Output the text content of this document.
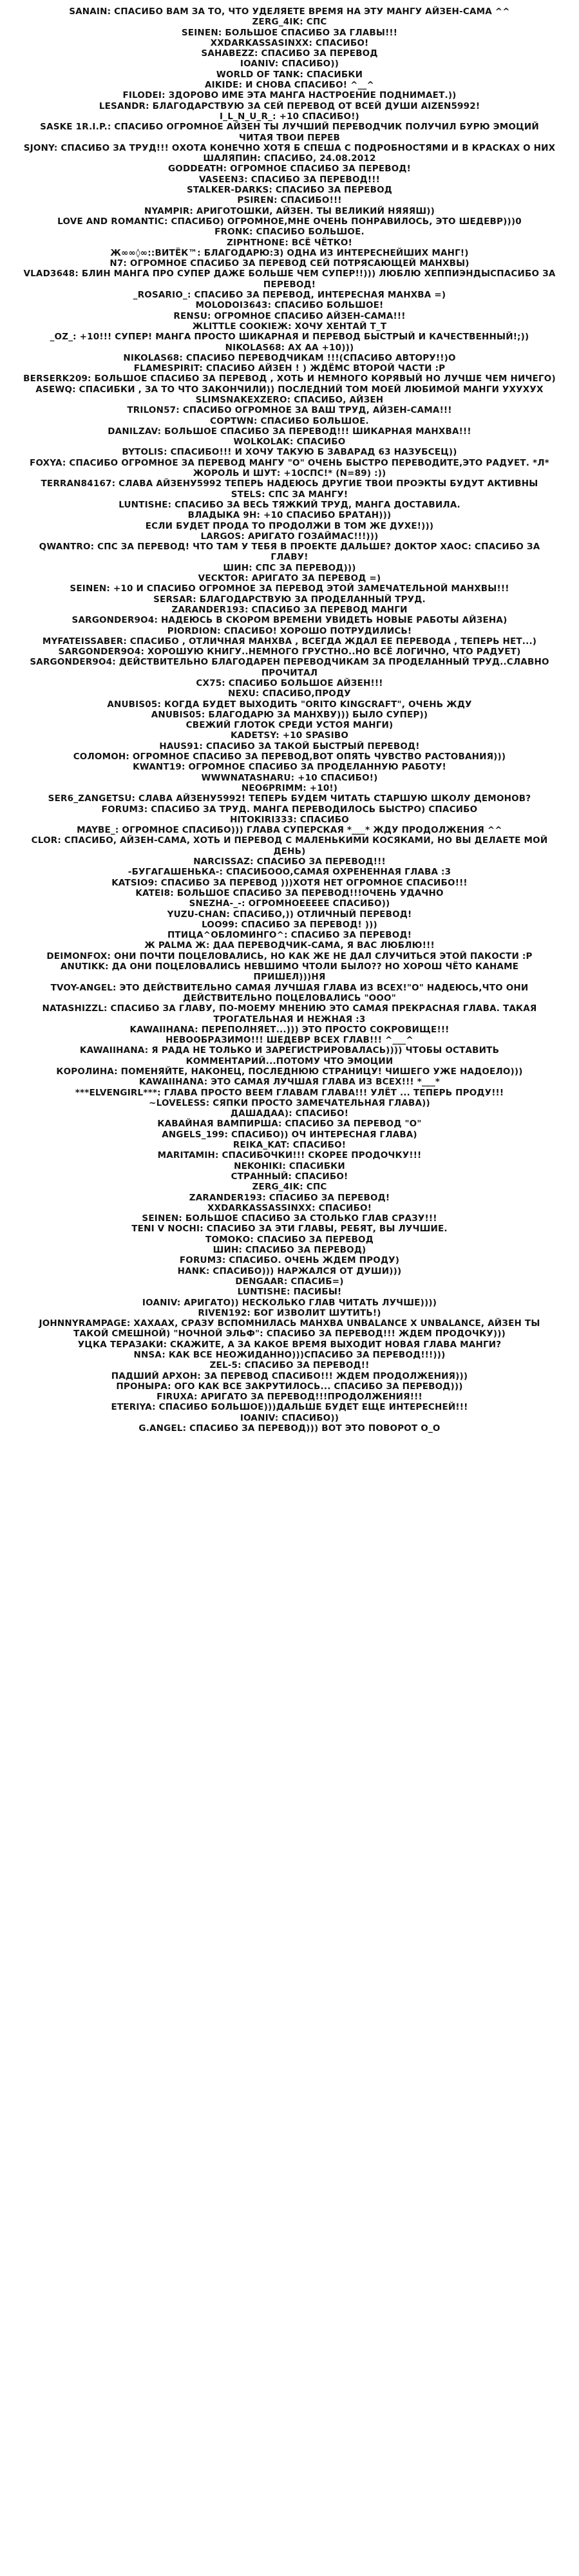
SANAIN: СПАСИБО ВАМ ЗА ТО, ЧТО УДЕЛЯЕТЕ ВРЕМЯ НА ЭТУ МАНГУ АЙЗЕН-САМА ^^
ZERG_4IK: СПС
SEINEN: БОЛЬШОЕ СПАСИБО ЗА ГЛАВЫ!!!
XXDARKASSASINXX: СПАСИБО!
SAHABEZZ: СПАСИБО ЗА ПЕРЕВОД
IOANIV: СПАСИБО))
WORLD OF TANK: СПАСИБКИ
AIKIDE: И СНОВА СПАСИБО! ^__^
FILODEI: ЗДОРОВО ИМЕ ЭТА МАНГА НАСТРОЕНИЕ ПОДНИМАЕТ.))
LESANDR: БЛАГОДАРСТВУЮ ЗА СЕЙ ПЕРЕВОД ОТ ВСЕЙ ДУШИ AIZEN5992!
I_L_N_U_R_: +10 СПАСИБО!)
SASKE 1R.I.P.: СПАСИБО ОГРОМНОЕ АЙЗЕН ТЫ ЛУЧШИЙ ПЕРЕВОДЧИК ПОЛУЧИЛ БУРЮ ЭМОЦИЙ ЧИТАЯ ТВОИ ПЕРЕВ
SJONY: СПАСИБО ЗА ТРУД!!! ОХОТА КОНЕЧНО ХОТЯ Б СПЕША С ПОДРОБНОСТЯМИ И В КРАСКАХ О НИХ
ШАЛЯПИН: СПАСИБО, 24.08.2012
GODDEATH: ОГРОМНОЕ СПАСИБО ЗА ПЕРЕВОД!
VASEEN3: СПАСИБО ЗА ПЕРЕВОД!!!
STALKER-DARKS: СПАСИБО ЗА ПЕРЕВОД
PSIREN: СПАСИБО!!!
NYAMPIR: АРИГОТОШКИ, АЙЗЕН. ТЫ ВЕЛИКИЙ НЯЯЯШ))
LOVE AND ROMANTIC: СПАСИБО) ОГРОМНОЕ,МНЕ ОЧЕНЬ ПОНРАВИЛОСЬ, ЭТО ШЕДЕВР)))0
FRONK: СПАСИБО БОЛЬШОЕ.
ZIPHTHONE: ВСЁ ЧЁТКО!
Ж∞∞◊∞::ВИТЁК™: БЛАГОДАРЮ:З) ОДНА ИЗ ИНТЕРЕСНЕЙШИХ МАНГ!)
N7: ОГРОМНОЕ СПАСИБО ЗА ПЕРЕВОД СЕЙ ПОТРЯСАЮЩЕЙ МАНХВЫ)
VLAD3648: БЛИН МАНГА ПРО СУПЕР ДАЖЕ БОЛЬШЕ ЧЕМ СУПЕР!!))) ЛЮБЛЮ ХЕППИЭНДЫСПАСИБО ЗА ПЕРЕВОД!
_ROSARIO_: СПАСИБО ЗА ПЕРЕВОД, ИНТЕРЕСНАЯ МАНХВА =)
MOLODOI3643: СПАСИБО БОЛЬШОЕ!
RENSU: ОГРОМНОЕ СПАСИБО АЙЗЕН-САМА!!!
ЖLITTLE COOKIEЖ: ХОЧУ ХЕНТАЙ Т_Т
_OZ_: +10!!! СУПЕР! МАНГА ПРОСТО ШИКАРНАЯ И ПЕРЕВОД БЫСТРЫЙ И КАЧЕСТВЕННЫЙ!;))
NIKOLAS68: АХ АА +10)))
NIKOLAS68: СПАСИБО ПЕРЕВОДЧИКАМ !!!(СПАСИБО АВТОРУ!!)О
FLAMESPIRIT: СПАСИБО АЙЗЕН ! ) ЖДЁМС ВТОРОЙ ЧАСТИ :Р
BERSERK209: БОЛЬШОЕ СПАСИБО ЗА ПЕРЕВОД , ХОТЬ И НЕМНОГО КОРЯВЫЙ НО ЛУЧШЕ ЧЕМ НИЧЕГО)
ASEWQ: СПАСИБКИ , ЗА ТО ЧТО ЗАКОНЧИЛИ)) ПОСЛЕДНИЙ ТОМ МОЕЙ ЛЮБИМОЙ МАНГИ УХУХУХ
SLIMSNAKEXZERO: СПАСИБО, АЙЗЕН
TRILON57: СПАСИБО ОГРОМНОЕ ЗА ВАШ ТРУД, АЙЗЕН-САМА!!!
COPTWN: СПАСИБО БОЛЬШОЕ.
DANILZAV: БОЛЬШОЕ СПАСИБО ЗА ПЕРЕВОД!!! ШИКАРНАЯ МАНХВА!!!
WOLKOLAK: СПАСИБО
BYTOLIS: СПАСИБО!!! И ХОЧУ ТАКУЮ Б ЗАВАРАД 63 НАЗУБСЕЦ))
FOXYA: СПАСИБО ОГРОМНОЕ ЗА ПЕРЕВОД МАНГУ "О" ОЧЕНЬ БЫСТРО ПЕРЕВОДИТЕ,ЭТО РАДУЕТ. *Л*
ЖОРОЛЬ И ШУТ: +10СПС!* (N=89) :))
TERRAN84167: СЛАВА АЙЗЕНУ5992 ТЕПЕРЬ НАДЕЮСЬ ДРУГИЕ ТВОИ ПРОЭКТЫ БУДУТ АКТИВНЫ
STELS: СПС ЗА МАНГУ!
LUNTISHE: СПАСИБО ЗА ВЕСЬ ТЯЖКИЙ ТРУД, МАНГА ДОСТАВИЛА.
ВЛАДЫКА 9Н: +10 СПАСИБО БРАТАН)))
ЕСЛИ БУДЕТ ПРОДА ТО ПРОДОЛЖИ В ТОМ ЖЕ ДУХЕ!)))
LARGOS: АРИГАТО ГОЗАЙМАС!!!)))
QWANTRO: СПС ЗА ПЕРЕВОД! ЧТО ТАМ У ТЕБЯ В ПРОЕКТЕ ДАЛЬШЕ? ДОКТОР ХАОС: СПАСИБО ЗА ГЛАВУ!
ШИН: СПС ЗА ПЕРЕВОД)))
VECKTOR: АРИГАТО ЗА ПЕРЕВОД =)
SEINEN: +10 И СПАСИБО ОГРОМНОЕ ЗА ПЕРЕВОД ЭТОЙ ЗАМЕЧАТЕЛЬНОЙ МАНХВЫ!!!
SERSAR: БЛАГОДАРСТВУЮ ЗА ПРОДЕЛАННЫЙ ТРУД.
ZARANDER193: СПАСИБО ЗА ПЕРЕВОД МАНГИ
SARGONDER9O4: НАДЕЮСЬ В СКОРОМ ВРЕМЕНИ УВИДЕТЬ НОВЫЕ РАБОТЫ АЙЗЕНА)
PIORDION: СПАСИБО! ХОРОШО ПОТРУДИЛИСЬ!
MYFATEISSABER: СПАСИБО , ОТЛИЧНАЯ МАНХВА , ВСЕГДА ЖДАЛ ЕЕ ПЕРЕВОДА , ТЕПЕРЬ НЕТ...)
SARGONDER9O4: ХОРОШУЮ КНИГУ..НЕМНОГО ГРУСТНО..НО ВСЁ ЛОГИЧНО, ЧТО РАДУЕТ)
SARGONDER9O4: ДЕЙСТВИТЕЛЬНО БЛАГОДАРЕН ПЕРЕВОДЧИКАМ ЗА ПРОДЕЛАННЫЙ ТРУД..СЛАВНО ПРОЧИТАЛ
CX75: СПАСИБО БОЛЬШОЕ АЙЗЕН!!!
NEXU: СПАСИБО,ПРОДУ
ANUBIS05: КОГДА БУДЕТ ВЫХОДИТЬ "ORITO KINGCRAFT", ОЧЕНЬ ЖДУ
ANUBIS05: БЛАГОДАРЮ ЗА МАНХВУ))) БЫЛО СУПЕР))
СВЕЖИЙ ГЛОТОК СРЕДИ УСТОЯ МАНГИ)
KADETSY: +10 SPASIBO
HAUS91: СПАСИБО ЗА ТАКОЙ БЫСТРЫЙ ПЕРЕВОД!
СОЛОМОН: ОГРОМНОЕ СПАСИБО ЗА ПЕРЕВОД,ВОТ ОПЯТЬ ЧУВСТВО РАСТОВАНИЯ)))
KWANT19: ОГРОМНОЕ СПАСИБО ЗА ПРОДЕЛАННУЮ РАБОТУ!
WWWNATASHARU: +10 СПАСИБО!)
NEO6PRIMM: +10!)
SER6_ZANGETSU: СЛАВА АЙЗЕНУ5992! ТЕПЕРЬ БУДЕМ ЧИТАТЬ СТАРШУЮ ШКОЛУ ДЕМОНОВ?
FORUM3: СПАСИБО ЗА ТРУД. МАНГА ПЕРЕВОДИЛОСЬ БЫСТРО) СПАСИБО
HITOKIRI333: СПАСИБО
MAYBE_: ОГРОМНОЕ СПАСИБО))) ГЛАВА СУПЕРСКАЯ *___* ЖДУ ПРОДОЛЖЕНИЯ ^^
CLOR: СПАСИБО, АЙЗЕН-САМА, ХОТЬ И ПЕРЕВОД С МАЛЕНЬКИМИ КОСЯКАМИ, НО ВЫ ДЕЛАЕТЕ МОЙ ДЕНЬ)
NARCISSAZ: СПАСИБО ЗА ПЕРЕВОД!!!
-БУГАГАШЕНЬКА-: СПАСИБООО,САМАЯ ОХРЕНЕННАЯ ГЛАВА :3
KATSIO9: СПАСИБО ЗА ПЕРЕВОД )))ХОТЯ НЕТ ОГРОМНОЕ СПАСИБО!!!
KATEI8: БОЛЬШОЕ СПАСИБО ЗА ПЕРЕВОД!!!ОЧЕНЬ УДАЧНО
SNEZHA-_-: ОГРОМНОЕЕЕЕЕ СПАСИБО))
YUZU-CHAN: СПАСИБО,)) ОТЛИЧНЫЙ ПЕРЕВОД!
LOO99: СПАСИБО ЗА ПЕРЕВОД! )))
ПТИЦА^ОБЛОМИНГО^: СПАСИБО ЗА ПЕРЕВОД!
Ж PALMA Ж: ДАА ПЕРЕВОДЧИК-САМА, Я ВАС ЛЮБЛЮ!!!
DEIMONFOX: ОНИ ПОЧТИ ПОЦЕЛОВАЛИСЬ, НО КАК ЖЕ НЕ ДАЛ СЛУЧИТЬСЯ ЭТОЙ ПАКОСТИ :Р
ANUTIKK: ДА ОНИ ПОЦЕЛОВАЛИСЬ НЕВШИМО ЧТОЛИ БЫЛО?? НО ХОРОШ ЧЁТО КАНАМЕ ПРИШЕЛ)))НЯ
TVOY-ANGEL: ЭТО ДЕЙСТВИТЕЛЬНО САМАЯ ЛУЧШАЯ ГЛАВА ИЗ ВСЕХ!"О" НАДЕЮСЬ,ЧТО ОНИ ДЕЙСТВИТЕЛЬНО ПОЦЕЛОВАЛИСЬ "ООО"
NATASHIZZL: СПАСИБО ЗА ГЛАВУ, ПО-МОЕМУ МНЕНИЮ ЭТО САМАЯ ПРЕКРАСНАЯ ГЛАВА. ТАКАЯ ТРОГАТЕЛЬНАЯ И НЕЖНАЯ :3
KAWAIIHANA: ПЕРЕПОЛНЯЕТ...))) ЭТО ПРОСТО СОКРОВИЩЕ!!!
НЕВООБРАЗИМО!!! ШЕДЕВР ВСЕХ ГЛАВ!!! ^___^
KAWAIIHANA: Я РАДА НЕ ТОЛЬКО И ЗАРЕГИСТРИРОВАЛАСЬ)))) ЧТОБЫ ОСТАВИТЬ КОММЕНТАРИЙ...ПОТОМУ ЧТО ЭМОЦИИ
КОРОЛИНА: ПОМЕНЯЙТЕ, НАКОНЕЦ, ПОСЛЕДНЮЮ СТРАНИЦУ! ЧИШЕГО УЖЕ НАДОЕЛО)))
KAWAIIHANA: ЭТО САМАЯ ЛУЧШАЯ ГЛАВА ИЗ ВСЕХ!!! *___*
***ELVENGIRL***: ГЛАВА ПРОСТО ВЕЕМ ГЛАВАМ ГЛАВА!!! УЛЁТ ... ТЕПЕРЬ ПРОДУ!!!
~LOVELESS: СЯПКИ ПРОСТО ЗАМЕЧАТЕЛЬНАЯ ГЛАВА))
ДАШАДАА): СПАСИБО!
КАВАЙНАЯ ВАМПИРША: СПАСИБО ЗА ПЕРЕВОД "О"
ANGELS_199: СПАСИБО)) ОЧ ИНТЕРЕСНАЯ ГЛАВА)
REIKA_KAT: СПАСИБО!
MARITAMIH: СПАСИБОЧКИ!!! СКОРЕЕ ПРОДОЧКУ!!!
NEKOHIKI: СПАСИБКИ
СТРАННЫЙ: СПАСИБО!
ZERG_4IK: СПС
ZARANDER193: СПАСИБО ЗА ПЕРЕВОД!
XXDARKASSASSINXX: СПАСИБО!
SEINEN: БОЛЬШОЕ СПАСИБО ЗА СТОЛЬКО ГЛАВ СРАЗУ!!!
TENI V NOCHI: СПАСИБО ЗА ЭТИ ГЛАВЫ, РЕБЯТ, ВЫ ЛУЧШИЕ.
ТОМОКО: СПАСИБО ЗА ПЕРЕВОД
ШИН: СПАСИБО ЗА ПЕРЕВОД)
FORUM3: СПАСИБО. ОЧЕНЬ ЖДЕМ ПРОДУ)
HANK: СПАСИБО))) НАРЖАЛСЯ ОТ ДУШИ)))
DENGAAR: СПАСИБ=)
LUNTISHE: ПАСИБЫ!
IOANIV: АРИГАТО)) НЕСКОЛЬКО ГЛАВ ЧИТАТЬ ЛУЧШЕ))))
RIVEN192: БОГ ИЗВОЛИТ ШУТИТЬ!)
JOHNNYRAMPAGE: ХАХААХ, СРАЗУ ВСПОМНИЛАСЬ МАНХВА UNBALANCE X UNBALANCE, АЙЗЕН ТЫ ТАКОЙ СМЕШНОЙ) "НОЧНОЙ ЭЛЬФ": СПАСИБО ЗА ПЕРЕВОД!!! ЖДЕМ ПРОДОЧКУ)))
УЦКА ТЕРАЗАКИ: СКАЖИТЕ, А ЗА КАКОЕ ВРЕМЯ ВЫХОДИТ НОВАЯ ГЛАВА МАНГИ?
NNSA: КАК ВСЕ НЕОЖИДАННО)))СПАСИБО ЗА ПЕРЕВОД!!!)))
ZEL-5: СПАСИБО ЗА ПЕРЕВОД!!
ПАДШИЙ АРХОН: ЗА ПЕРЕВОД СПАСИБО!!! ЖДЕМ ПРОДОЛЖЕНИЯ)))
ПРОНЫРА: ОГО КАК ВСЕ ЗАКРУТИЛОСЬ... СПАСИБО ЗА ПЕРЕВОД)))
FIRUXA: АРИГАТО ЗА ПЕРЕВОД!!!ПРОДОЛЖЕНИЯ!!!
ETERIYA: СПАСИБО БОЛЬШОЕ)))ДАЛЬШЕ БУДЕТ ЕЩЕ ИНТЕРЕСНЕЙ!!!
IOANIV: СПАСИБО))
G.ANGEL: СПАСИБО ЗА ПЕРЕВОД))) ВОТ ЭТО ПОВОРОТ О_О
